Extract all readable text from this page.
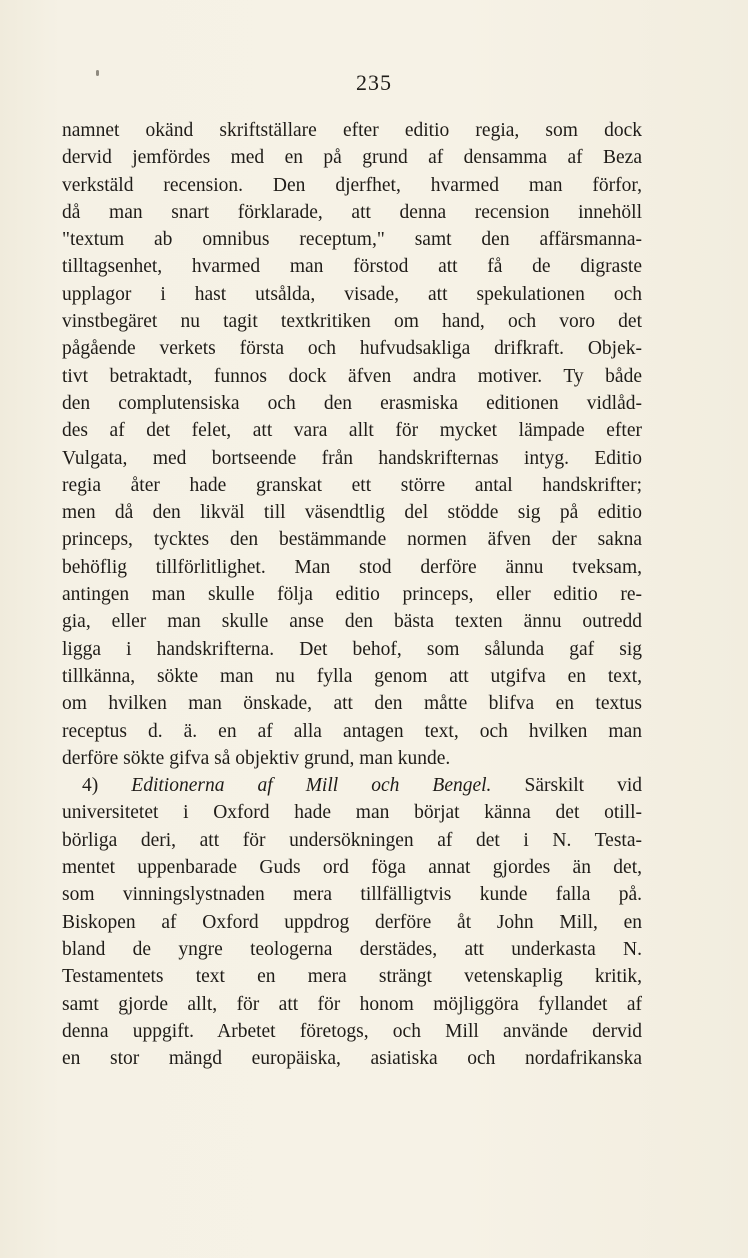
235
namnet okänd skriftställare efter editio regia, som dock
dervid jemfördes med en på grund af densamma af Beza
verkstäld recension. Den djerfhet, hvarmed man förfor,
då man snart förklarade, att denna recension innehöll
"textum ab omnibus receptum," samt den affärsmanna-
tilltagsenhet, hvarmed man förstod att få de digraste
upplagor i hast utsålda, visade, att spekulationen och
vinstbegäret nu tagit textkritiken om hand, och voro det
pågående verkets första och hufvudsakliga drifkraft. Objek-
tivt betraktadt, funnos dock äfven andra motiver. Ty både
den complutensiska och den erasmiska editionen vidlåd-
des af det felet, att vara allt för mycket lämpade efter
Vulgata, med bortseende från handskrifternas intyg. Editio
regia åter hade granskat ett större antal handskrifter;
men då den likväl till väsendtlig del stödde sig på editio
princeps, tycktes den bestämmande normen äfven der sakna
behöflig tillförlitlighet. Man stod derföre ännu tveksam,
antingen man skulle följa editio princeps, eller editio re-
gia, eller man skulle anse den bästa texten ännu outredd
ligga i handskrifterna. Det behof, som sålunda gaf sig
tillkänna, sökte man nu fylla genom att utgifva en text,
om hvilken man önskade, att den måtte blifva en textus
receptus d. ä. en af alla antagen text, och hvilken man
derföre sökte gifva så objektiv grund, man kunde.
4) Editionerna af Mill och Bengel. Särskilt vid
universitetet i Oxford hade man börjat känna det otill-
börliga deri, att för undersökningen af det i N. Testa-
mentet uppenbarade Guds ord föga annat gjordes än det,
som vinningslystnaden mera tillfälligtvis kunde falla på.
Biskopen af Oxford uppdrog derföre åt John Mill, en
bland de yngre teologerna derstädes, att underkasta N.
Testamentets text en mera strängt vetenskaplig kritik,
samt gjorde allt, för att för honom möjliggöra fyllandet af
denna uppgift. Arbetet företogs, och Mill använde dervid
en stor mängd europäiska, asiatiska och nordafrikanska
